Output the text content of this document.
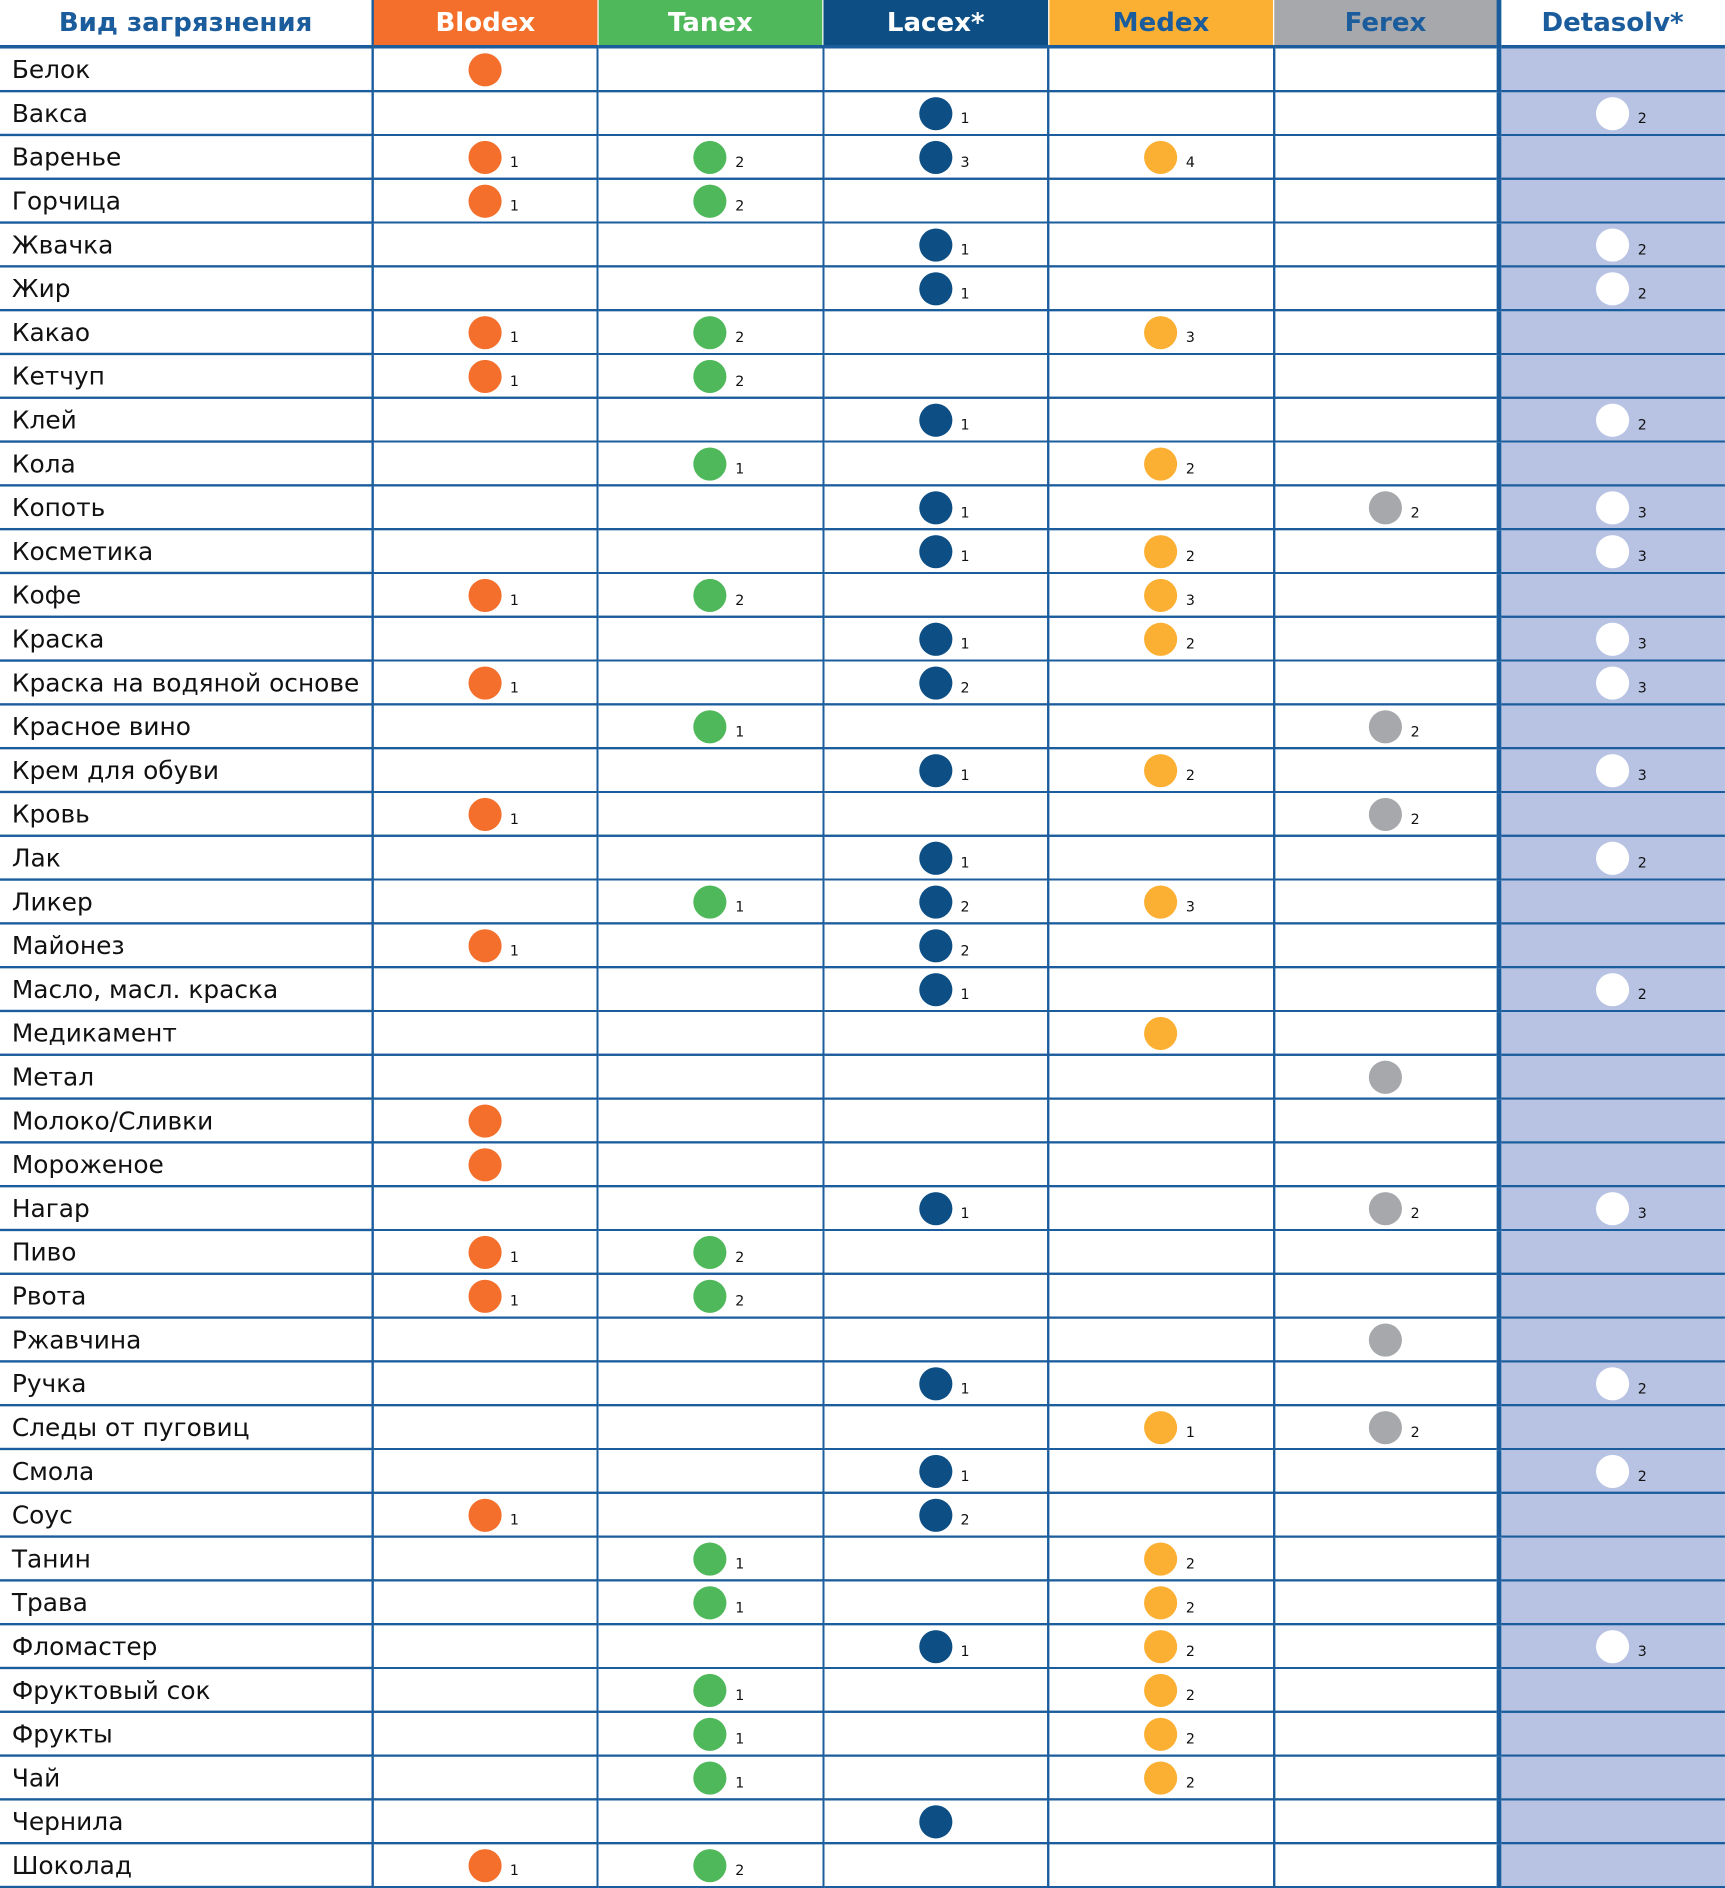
Вид загрязнения	Blodex	Tanex	Lacex*	Medex	Ferex	Detasolv*
Белок	

Вакса			1			2

Варенье	1	2	3	4		

Горчица	1	2				

Жвачка			1			2

Жир			1			2

Какао	1	2		3		

Кетчуп	1	2				

Клей			1			2

Кола		1		2		

Копоть			1		2	3

Косметика			1	2		3

Кофе	1	2		3		

Краска			1	2		3

Краска на водяной основе	1		2			3

Красное вино		1			2	

Крем для обуви			1	2		3

Кровь	1				2	

Лак			1			2

Ликер		1	2	3		

Майонез	1		2			

Масло, масл. краска			1			2

Медикамент				

Метал					

Молоко/Сливки	

Мороженое	

Нагар			1		2	3

Пиво	1	2				

Рвота	1	2				

Ржавчина					

Ручка			1			2

Следы от пуговиц				1	2	

Смола			1			2

Соус	1		2			

Танин		1		2		

Трава		1		2		

Фломастер			1	2		3

Фруктовый сок		1		2		

Фрукты		1		2		

Чай		1		2		

Чернила			

Шоколад	1	2				
